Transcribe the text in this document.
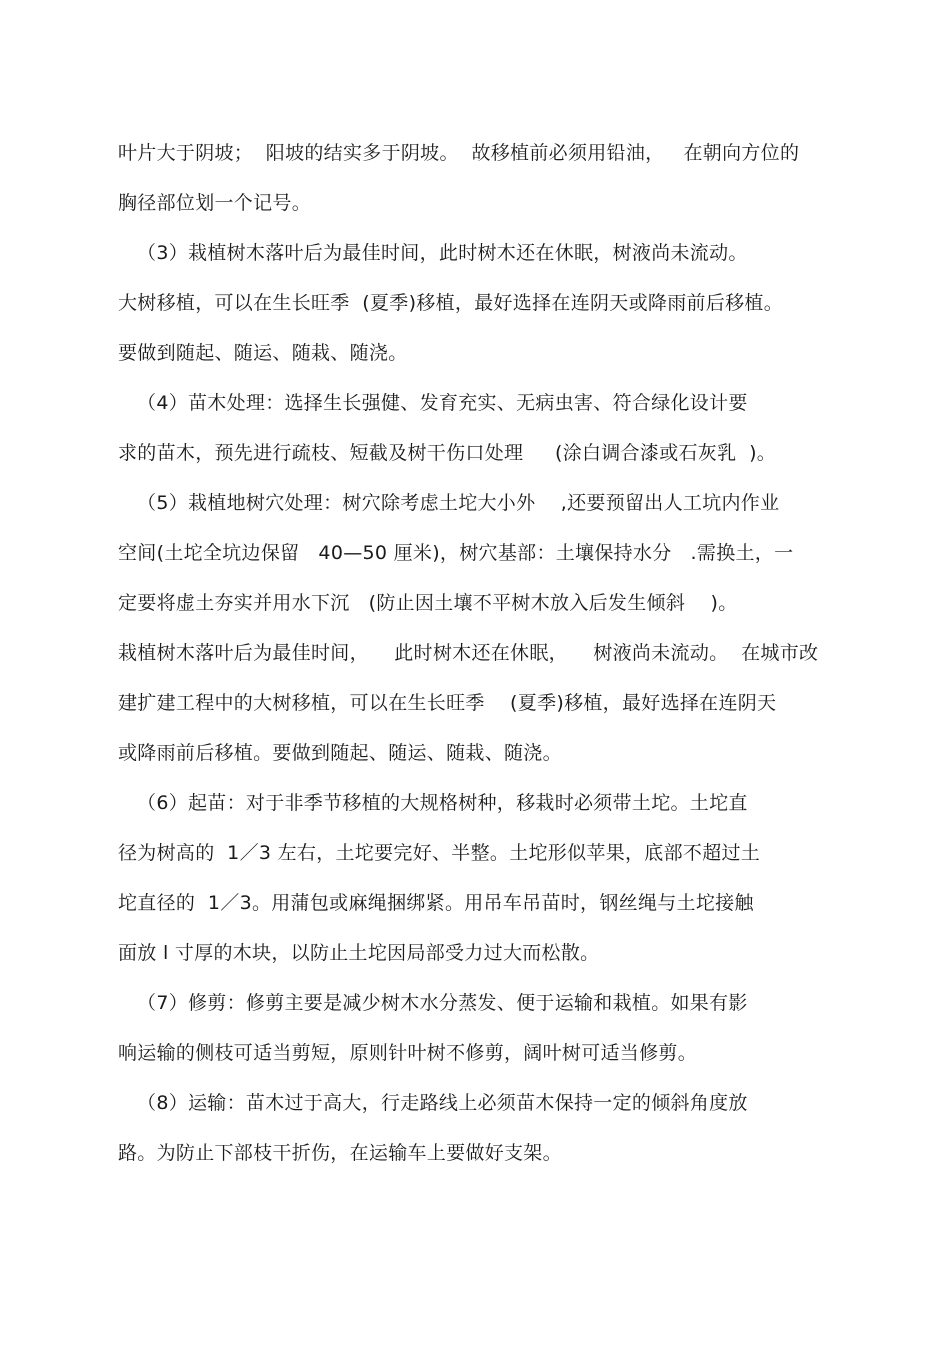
叶片大于阴坡；  阳坡的结实多于阴坡。  故移植前必须用铅油，   在朝向方位的
胸径部位划一个记号。
（3）栽植树木落叶后为最佳时间，此时树木还在休眠，树液尚未流动。
大树移植，可以在生长旺季  (夏季)移植，最好选择在连阴天或降雨前后移植。
要做到随起、随运、随栽、随浇。
（4）苗木处理：选择生长强健、发育充实、无病虫害、符合绿化设计要
求的苗木，预先进行疏枝、短截及树干伤口处理     (涂白调合漆或石灰乳  )。
（5）栽植地树穴处理：树穴除考虑土坨大小外    ,还要预留出人工坑内作业
空间(土坨全坑边保留   40—50 厘米)，树穴基部：土壤保持水分   .需换土，一
定要将虚土夯实并用水下沉   (防止因土壤不平树木放入后发生倾斜    )。
栽植树木落叶后为最佳时间，    此时树木还在休眠，    树液尚未流动。  在城市改
建扩建工程中的大树移植，可以在生长旺季    (夏季)移植，最好选择在连阴天
或降雨前后移植。要做到随起、随运、随栽、随浇。
（6）起苗：对于非季节移植的大规格树种，移栽时必须带土坨。土坨直
径为树高的  1／3 左右，土坨要完好、半整。土坨形似苹果，底部不超过土
坨直径的  1／3。用蒲包或麻绳捆绑紧。用吊车吊苗时，钢丝绳与土坨接触
面放 l 寸厚的木块，以防止土坨因局部受力过大而松散。
（7）修剪：修剪主要是减少树木水分蒸发、便于运输和栽植。如果有影
响运输的侧枝可适当剪短，原则针叶树不修剪，阔叶树可适当修剪。
（8）运输：苗木过于高大，行走路线上必须苗木保持一定的倾斜角度放
路。为防止下部枝干折伤，在运输车上要做好支架。
